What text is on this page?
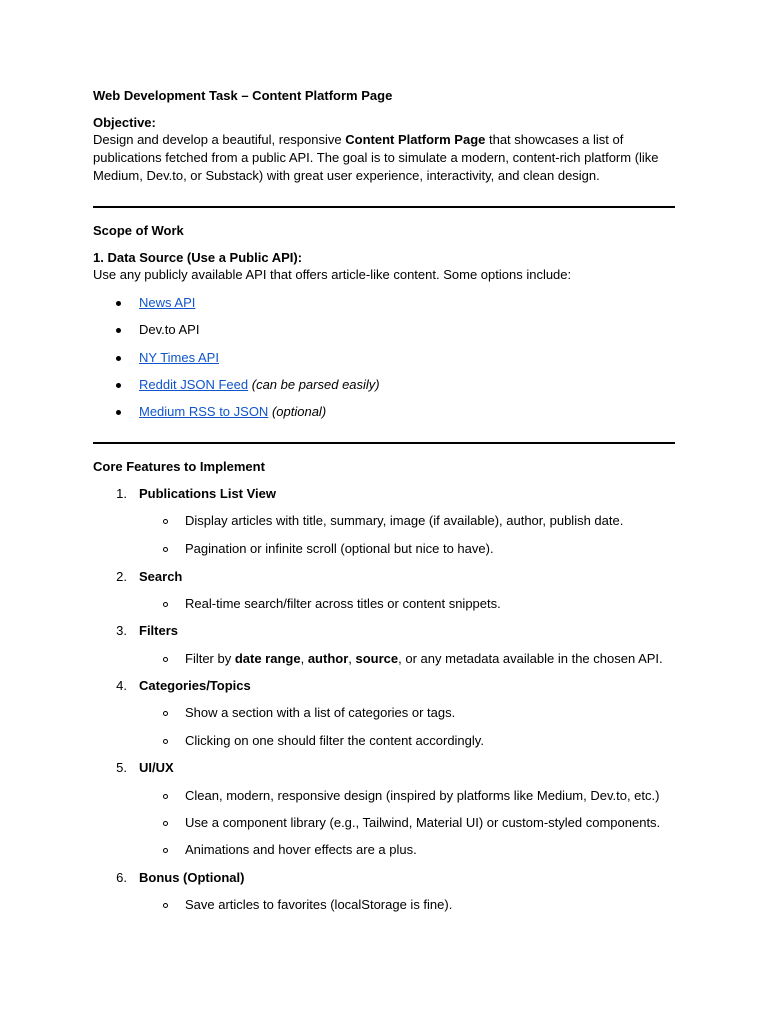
Web Development Task – Content Platform Page
Objective:
Design and develop a beautiful, responsive Content Platform Page that showcases a list of
publications fetched from a public API. The goal is to simulate a modern, content-rich platform (like
Medium, Dev.to, or Substack) with great user experience, interactivity, and clean design.
Scope of Work
1. Data Source (Use a Public API):
Use any publicly available API that offers article-like content. Some options include:
News API
Dev.to API
NY Times API
Reddit JSON Feed (can be parsed easily)
Medium RSS to JSON (optional)
Core Features to Implement
1. Publications List View
Display articles with title, summary, image (if available), author, publish date.
Pagination or infinite scroll (optional but nice to have).
2. Search
Real-time search/filter across titles or content snippets.
3. Filters
Filter by date range, author, source, or any metadata available in the chosen API.
4. Categories/Topics
Show a section with a list of categories or tags.
Clicking on one should filter the content accordingly.
5. UI/UX
Clean, modern, responsive design (inspired by platforms like Medium, Dev.to, etc.)
Use a component library (e.g., Tailwind, Material UI) or custom-styled components.
Animations and hover effects are a plus.
6. Bonus (Optional)
Save articles to favorites (localStorage is fine).
